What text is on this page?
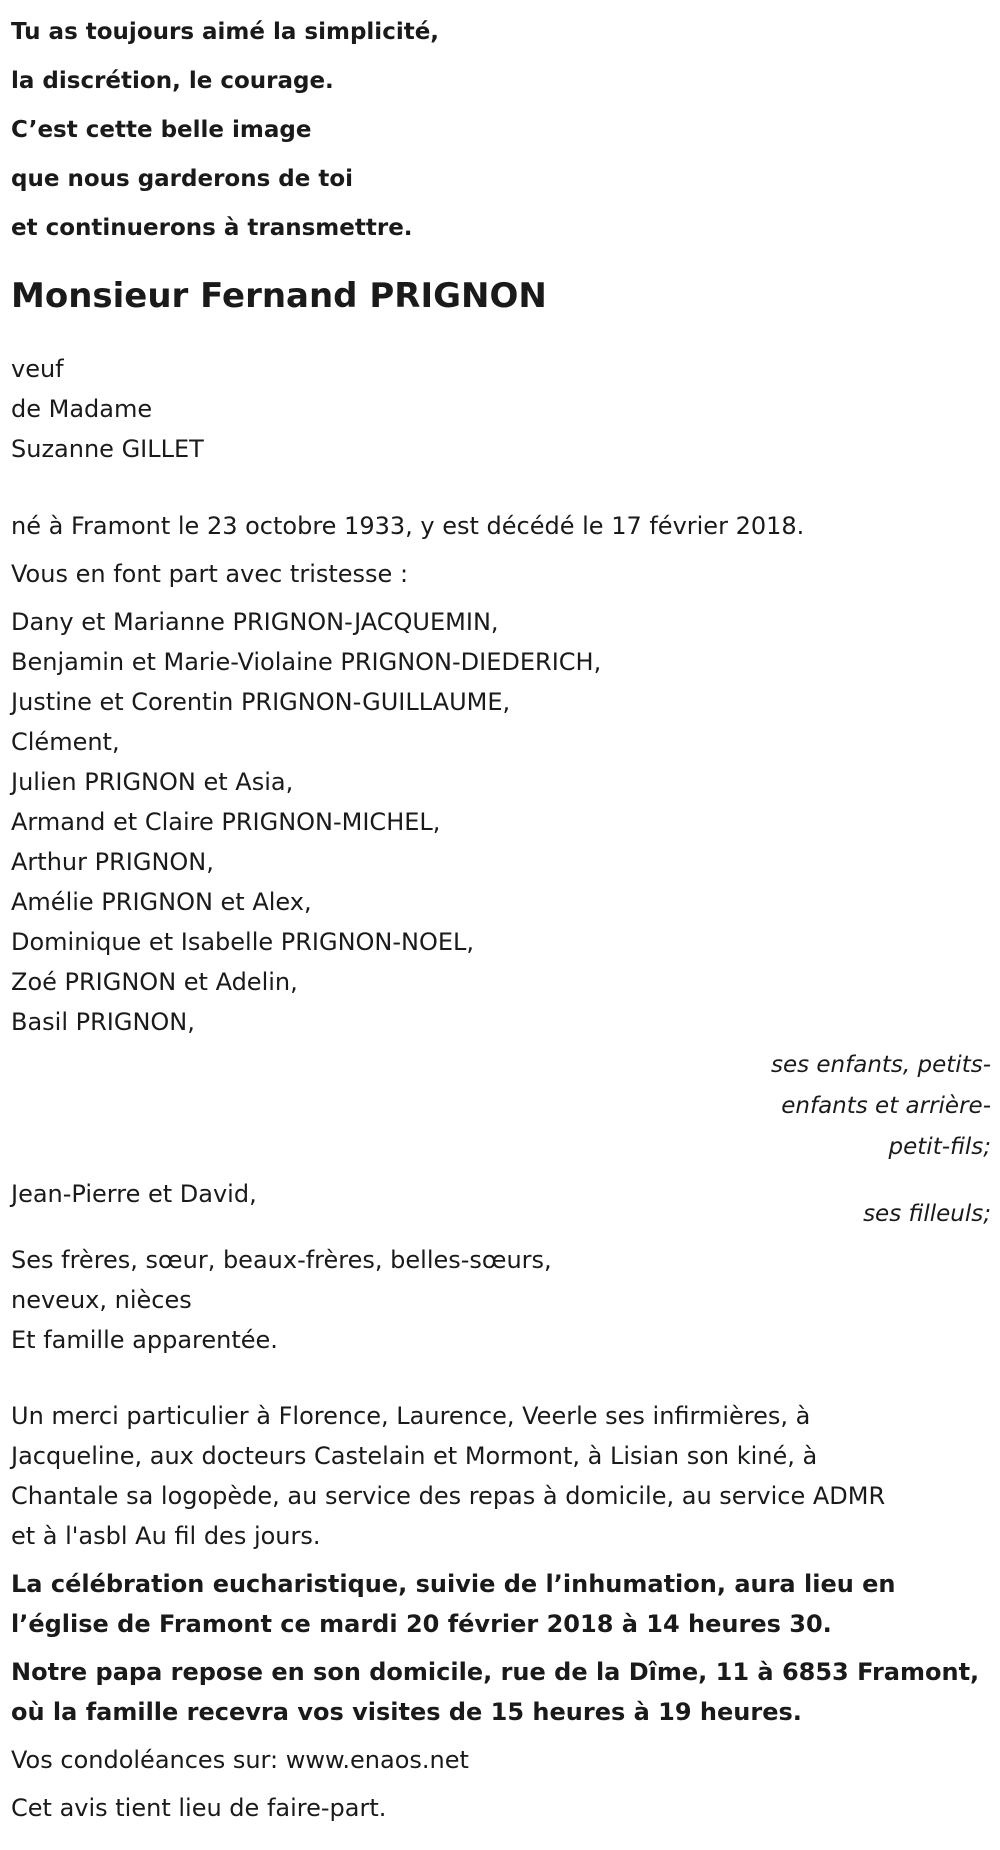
Tu as toujours aimé la simplicité,
la discrétion, le courage.
C’est cette belle image
que nous garderons de toi
et continuerons à transmettre.
Monsieur Fernand PRIGNON
veuf
de Madame
Suzanne GILLET
né à Framont le 23 octobre 1933, y est décédé le 17 février 2018.
Vous en font part avec tristesse :
Dany et Marianne PRIGNON-JACQUEMIN,
Benjamin et Marie-Violaine PRIGNON-DIEDERICH,
Justine et Corentin PRIGNON-GUILLAUME,
Clément,
Julien PRIGNON et Asia,
Armand et Claire PRIGNON-MICHEL,
Arthur PRIGNON,
Amélie PRIGNON et Alex,
Dominique et Isabelle PRIGNON-NOEL,
Zoé PRIGNON et Adelin,
Basil PRIGNON,
ses enfants, petits-
enfants et arrière-
petit-fils;
Jean-Pierre et David,
ses filleuls;
Ses frères, sœur, beaux-frères, belles-sœurs,
neveux, nièces
Et famille apparentée.
Un merci particulier à Florence, Laurence, Veerle ses infirmières, à
Jacqueline, aux docteurs Castelain et Mormont, à Lisian son kiné, à
Chantale sa logopède, au service des repas à domicile, au service ADMR
et à l'asbl Au fil des jours.
La célébration eucharistique, suivie de l’inhumation, aura lieu en
l’église de Framont ce mardi 20 février 2018 à 14 heures 30.
Notre papa repose en son domicile, rue de la Dîme, 11 à 6853 Framont,
où la famille recevra vos visites de 15 heures à 19 heures.
Vos condoléances sur: www.enaos.net
Cet avis tient lieu de faire-part.
